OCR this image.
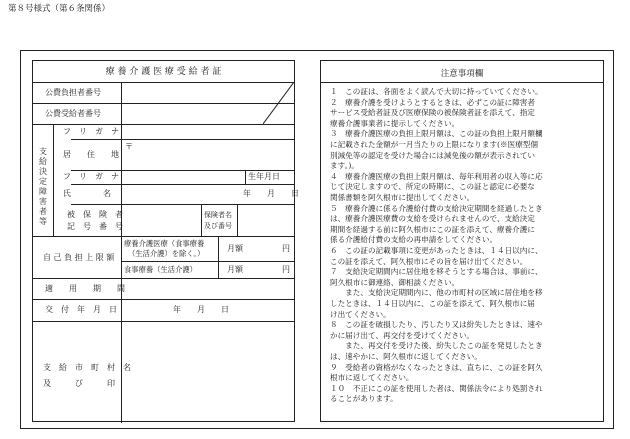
第８号様式（第６条関係）
療 養 介 護 医 療 受 給 者 証
公費負担者番号
公費受給者番号
支給決定障害者等
フ　リ　ガ　ナ
居　　住　　地
〒
フ　リ　ガ　ナ	生年月日
氏　　　　名	年　　月　　日
被　保　険　者
記　号　番　号
保険者名
及び番号
自 己 負 担 上 限 額
療養介護医療（食事療養
（生活介護）を除く。）
月額	円
食事療養（生活介護）	月額	円
適　　用　　期　　間
交　付　年　月　日	年　　月　　日
支　給　市　町　村　名
及　　　び　　　印
注意事項欄
１　この証は、各面をよく読んで大切に持っていてください。
２　療養介護を受けようとするときは、必ずこの証に障害者
サービス受給者証及び医療保険の被保険者証を添えて、指定
療養介護事業者に提示してください。
３　療養介護医療の負担上限月額は、この証の負担上限月額欄
に記載された金額が一月当たりの上限になります(※医療型個
別減免等の認定を受けた場合には減免後の額が表示されてい
ます。)。
４　療養介護医療の負担上限月額は、毎年利用者の収入等に応
じて決定しますので、所定の時期に、この証と認定に必要な
関係書類を阿久根市に提出してください。
５　療養介護に係る介護給付費の支給決定期間を経過したとき
は、療養介護医療費の支給を受けられませんので、支給決定
期間を経過する前に阿久根市にこの証を添えて、療養介護に
係る介護給付費の支給の再申請をしてください。
６　この証の記載事項に変更があったときは、１４日以内に、
この証を添えて、阿久根市にその旨を届け出てください。
７　支給決定期間内に居住地を移そうとする場合は、事前に、
阿久根市に御連絡、御相談ください。
　　また、支給決定期間内に、他の市町村の区域に居住地を移
したときは、１４日以内に、この証を添えて、阿久根市に届
け出てください。
８　この証を破損したり、汚したり又は紛失したときは、速や
かに届け出て、再交付を受けてください。
　　また、再交付を受けた後、紛失したこの証を発見したとき
は、速やかに、阿久根市に返してください。
９　受給者の資格がなくなったときは、直ちに、この証を阿久
根市に返してください。
１０　不正にこの証を使用した者は、関係法令により処罰され
ることがあります。
